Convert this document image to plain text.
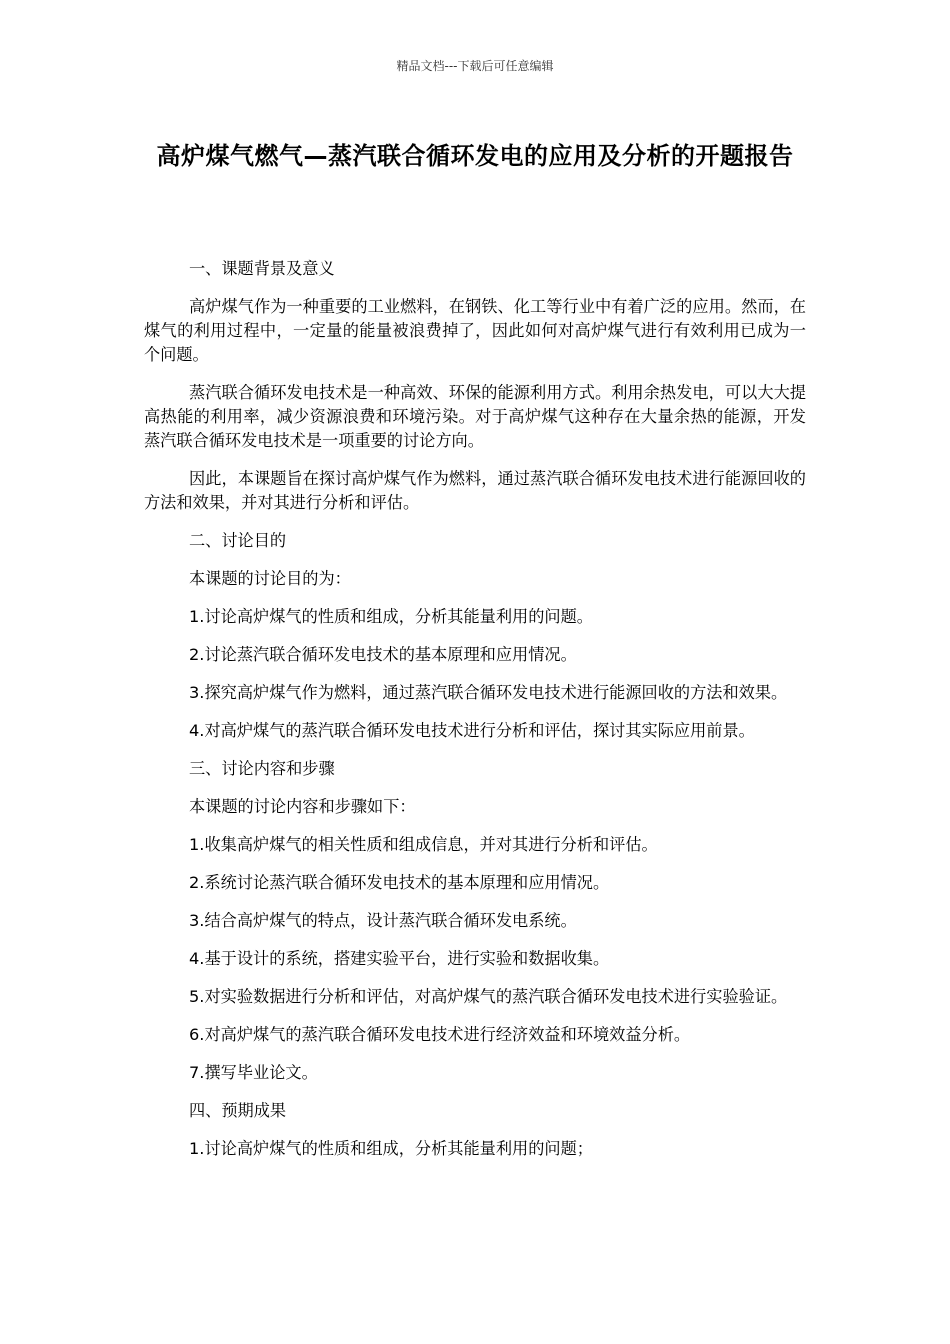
精品文档---下载后可任意编辑
高炉煤气燃气—蒸汽联合循环发电的应用及分析的开题报告

一、课题背景及意义

高炉煤气作为一种重要的工业燃料，在钢铁、化工等行业中有着广泛的应用。然而，在煤气的利用过程中，一定量的能量被浪费掉了，因此如何对高炉煤气进行有效利用已成为一个问题。

蒸汽联合循环发电技术是一种高效、环保的能源利用方式。利用余热发电，可以大大提高热能的利用率，减少资源浪费和环境污染。对于高炉煤气这种存在大量余热的能源，开发蒸汽联合循环发电技术是一项重要的讨论方向。

因此，本课题旨在探讨高炉煤气作为燃料，通过蒸汽联合循环发电技术进行能源回收的方法和效果，并对其进行分析和评估。

二、讨论目的

本课题的讨论目的为：

1.讨论高炉煤气的性质和组成，分析其能量利用的问题。

2.讨论蒸汽联合循环发电技术的基本原理和应用情况。

3.探究高炉煤气作为燃料，通过蒸汽联合循环发电技术进行能源回收的方法和效果。

4.对高炉煤气的蒸汽联合循环发电技术进行分析和评估，探讨其实际应用前景。

三、讨论内容和步骤

本课题的讨论内容和步骤如下：

1.收集高炉煤气的相关性质和组成信息，并对其进行分析和评估。

2.系统讨论蒸汽联合循环发电技术的基本原理和应用情况。

3.结合高炉煤气的特点，设计蒸汽联合循环发电系统。

4.基于设计的系统，搭建实验平台，进行实验和数据收集。

5.对实验数据进行分析和评估，对高炉煤气的蒸汽联合循环发电技术进行实验验证。

6.对高炉煤气的蒸汽联合循环发电技术进行经济效益和环境效益分析。

7.撰写毕业论文。

四、预期成果

1.讨论高炉煤气的性质和组成，分析其能量利用的问题；
